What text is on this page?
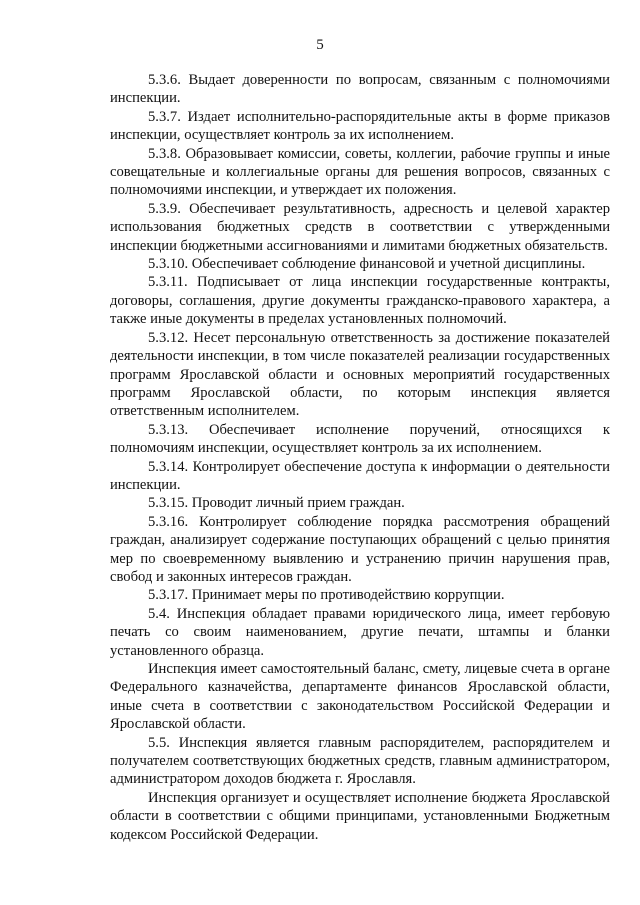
5

5.3.6. Выдает доверенности по вопросам, связанным с полномочиями инспекции.

5.3.7. Издает исполнительно-распорядительные акты в форме приказов инспекции, осуществляет контроль за их исполнением.

5.3.8. Образовывает комиссии, советы, коллегии, рабочие группы и иные совещательные и коллегиальные органы для решения вопросов, связанных с полномочиями инспекции, и утверждает их положения.

5.3.9. Обеспечивает результативность, адресность и целевой характер использования бюджетных средств в соответствии с утвержденными инспекции бюджетными ассигнованиями и лимитами бюджетных обязательств.

5.3.10. Обеспечивает соблюдение финансовой и учетной дисциплины.

5.3.11. Подписывает от лица инспекции государственные контракты, договоры, соглашения, другие документы гражданско-правового характера, а также иные документы в пределах установленных полномочий.

5.3.12. Несет персональную ответственность за достижение показателей деятельности инспекции, в том числе показателей реализации государственных программ Ярославской области и основных мероприятий государственных программ Ярославской области, по которым инспекция является ответственным исполнителем.

5.3.13. Обеспечивает исполнение поручений, относящихся к полномочиям инспекции, осуществляет контроль за их исполнением.

5.3.14. Контролирует обеспечение доступа к информации о деятельности инспекции.

5.3.15. Проводит личный прием граждан.

5.3.16. Контролирует соблюдение порядка рассмотрения обращений граждан, анализирует содержание поступающих обращений с целью принятия мер по своевременному выявлению и устранению причин нарушения прав, свобод и законных интересов граждан.

5.3.17. Принимает меры по противодействию коррупции.

5.4. Инспекция обладает правами юридического лица, имеет гербовую печать со своим наименованием, другие печати, штампы и бланки установленного образца.

Инспекция имеет самостоятельный баланс, смету, лицевые счета в органе Федерального казначейства, департаменте финансов Ярославской области, иные счета в соответствии с законодательством Российской Федерации и Ярославской области.

5.5. Инспекция является главным распорядителем, распорядителем и получателем соответствующих бюджетных средств, главным администратором, администратором доходов бюджета г. Ярославля.

Инспекция организует и осуществляет исполнение бюджета Ярославской области в соответствии с общими принципами, установленными Бюджетным кодексом Российской Федерации.
